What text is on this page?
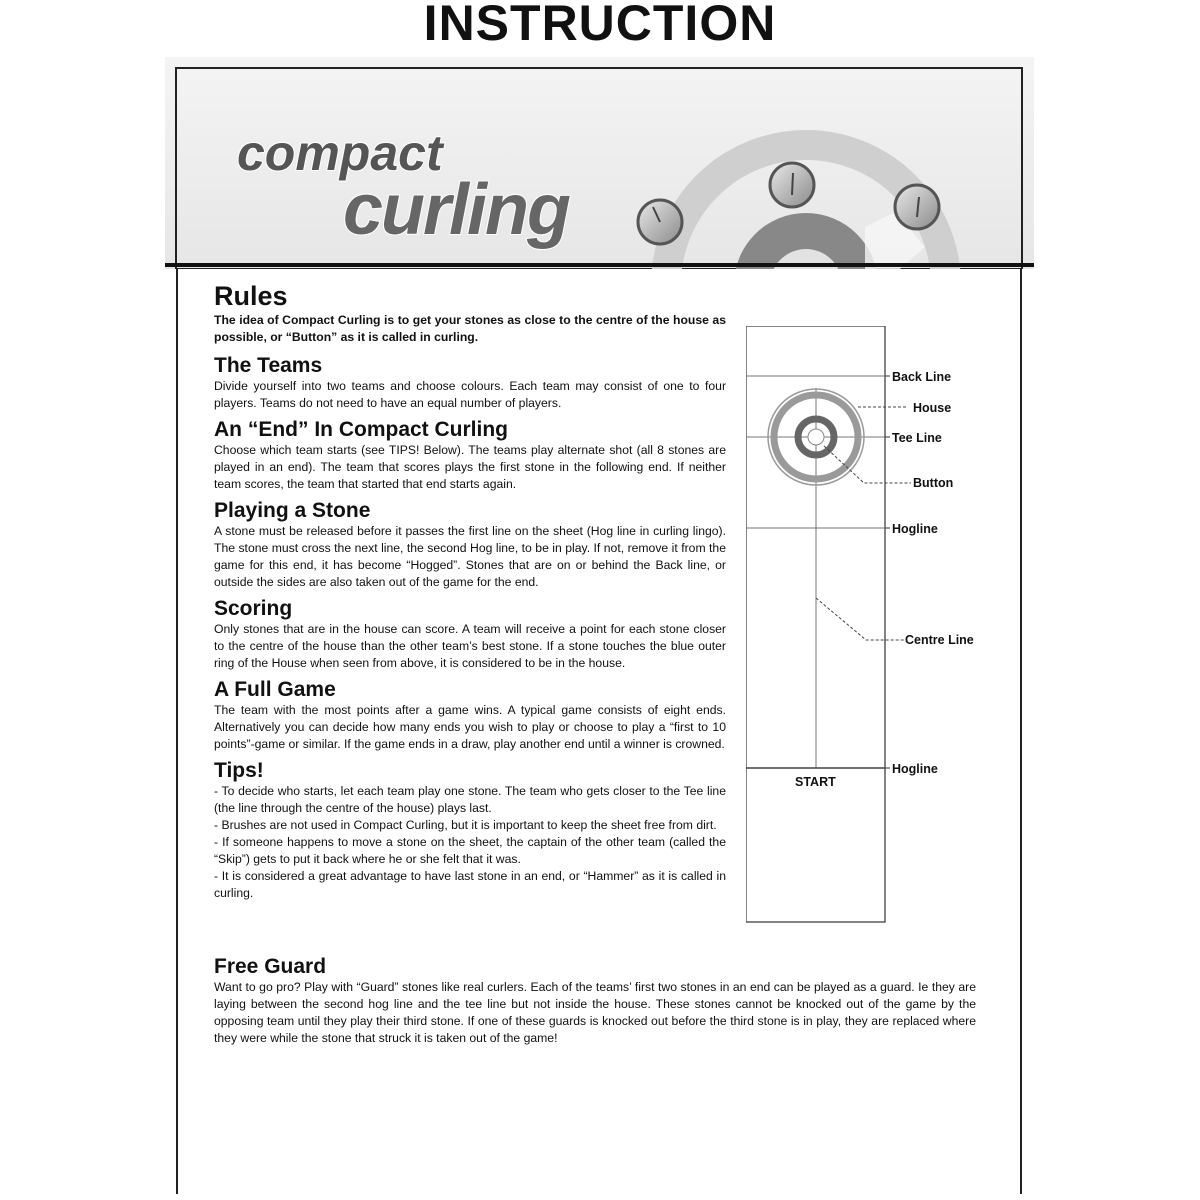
INSTRUCTION
compact
curling
Rules

The idea of Compact Curling is to get your stones as close to the centre of the house as possible, or “Button” as it is called in curling.

The Teams

Divide yourself into two teams and choose colours. Each team may consist of one to four players. Teams do not need to have an equal number of players.

An “End” In Compact Curling

Choose which team starts (see TIPS! Below). The teams play alternate shot (all 8 stones are played in an end). The team that scores plays the first stone in the following end. If neither team scores, the team that started that end starts again.

Playing a Stone

A stone must be released before it passes the first line on the sheet (Hog line in curling lingo). The stone must cross the next line, the second Hog line, to be in play. If not, remove it from the game for this end, it has become “Hogged”. Stones that are on or behind the Back line, or outside the sides are also taken out of the game for the end.

Scoring

Only stones that are in the house can score. A team will receive a point for each stone closer to the centre of the house than the other team’s best stone. If a stone touches the blue outer ring of the House when seen from above, it is considered to be in the house.

A Full Game

The team with the most points after a game wins. A typical game consists of eight ends. Alternatively you can decide how many ends you wish to play or choose to play a “first to 10 points”-game or similar. If the game ends in a draw, play another end until a winner is crowned.

Tips!

- To decide who starts, let each team play one stone. The team who gets closer to the Tee line (the line through the centre of the house) plays last.

- Brushes are not used in Compact Curling, but it is important to keep the sheet free from dirt.

- If someone happens to move a stone on the sheet, the captain of the other team (called the “Skip”) gets to put it back where he or she felt that it was.

- It is considered a great advantage to have last stone in an end, or “Hammer” as it is called in curling.

Free Guard

Want to go pro? Play with “Guard” stones like real curlers. Each of the teams’ first two stones in an end can be played as a guard. Ie they are laying between the second hog line and the tee line but not inside the house. These stones cannot be knocked out of the game by the opposing team until they play their third stone. If one of these guards is knocked out before the third stone is in play, they are replaced where they were while the stone that struck it is taken out of the game!

Back Line
House
Tee Line
Button
Hogline
Centre Line
Hogline
START
